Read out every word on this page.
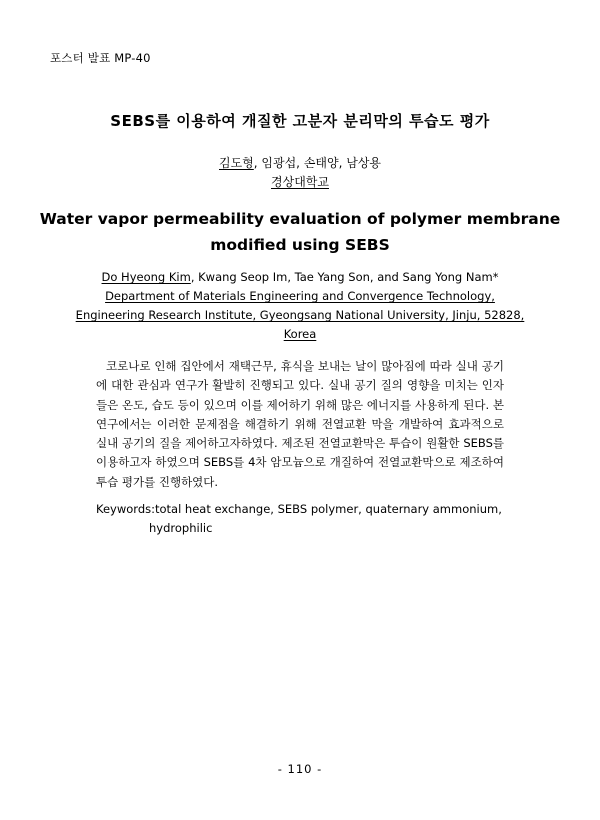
포스터 발표 MP-40
SEBS를 이용하여 개질한 고분자 분리막의 투습도 평가
김도형, 임광섭, 손태양, 남상용
경상대학교
Water vapor permeability evaluation of polymer membrane
modified using SEBS
Do Hyeong Kim, Kwang Seop Im, Tae Yang Son, and Sang Yong Nam*
Department of Materials Engineering and Convergence Technology,
Engineering Research Institute, Gyeongsang National University, Jinju, 52828,
Korea
코로나로 인해 집안에서 재택근무, 휴식을 보내는 날이 많아짐에 따라 실내 공기에 대한 관심과 연구가 활발히 진행되고 있다. 실내 공기 질의 영향을 미치는 인자들은 온도, 습도 등이 있으며 이를 제어하기 위해 많은 에너지를 사용하게 된다. 본 연구에서는 이러한 문제점을 해결하기 위해 전열교환 막을 개발하여 효과적으로 실내 공기의 질을 제어하고자하였다. 제조된 전열교환막은 투습이 원활한 SEBS를 이용하고자 하였으며 SEBS를 4차 암모늄으로 개질하여 전열교환막으로 제조하여 투습 평가를 진행하였다.
Keywords: total heat exchange, SEBS polymer, quaternary ammonium, hydrophilic
- 110 -
